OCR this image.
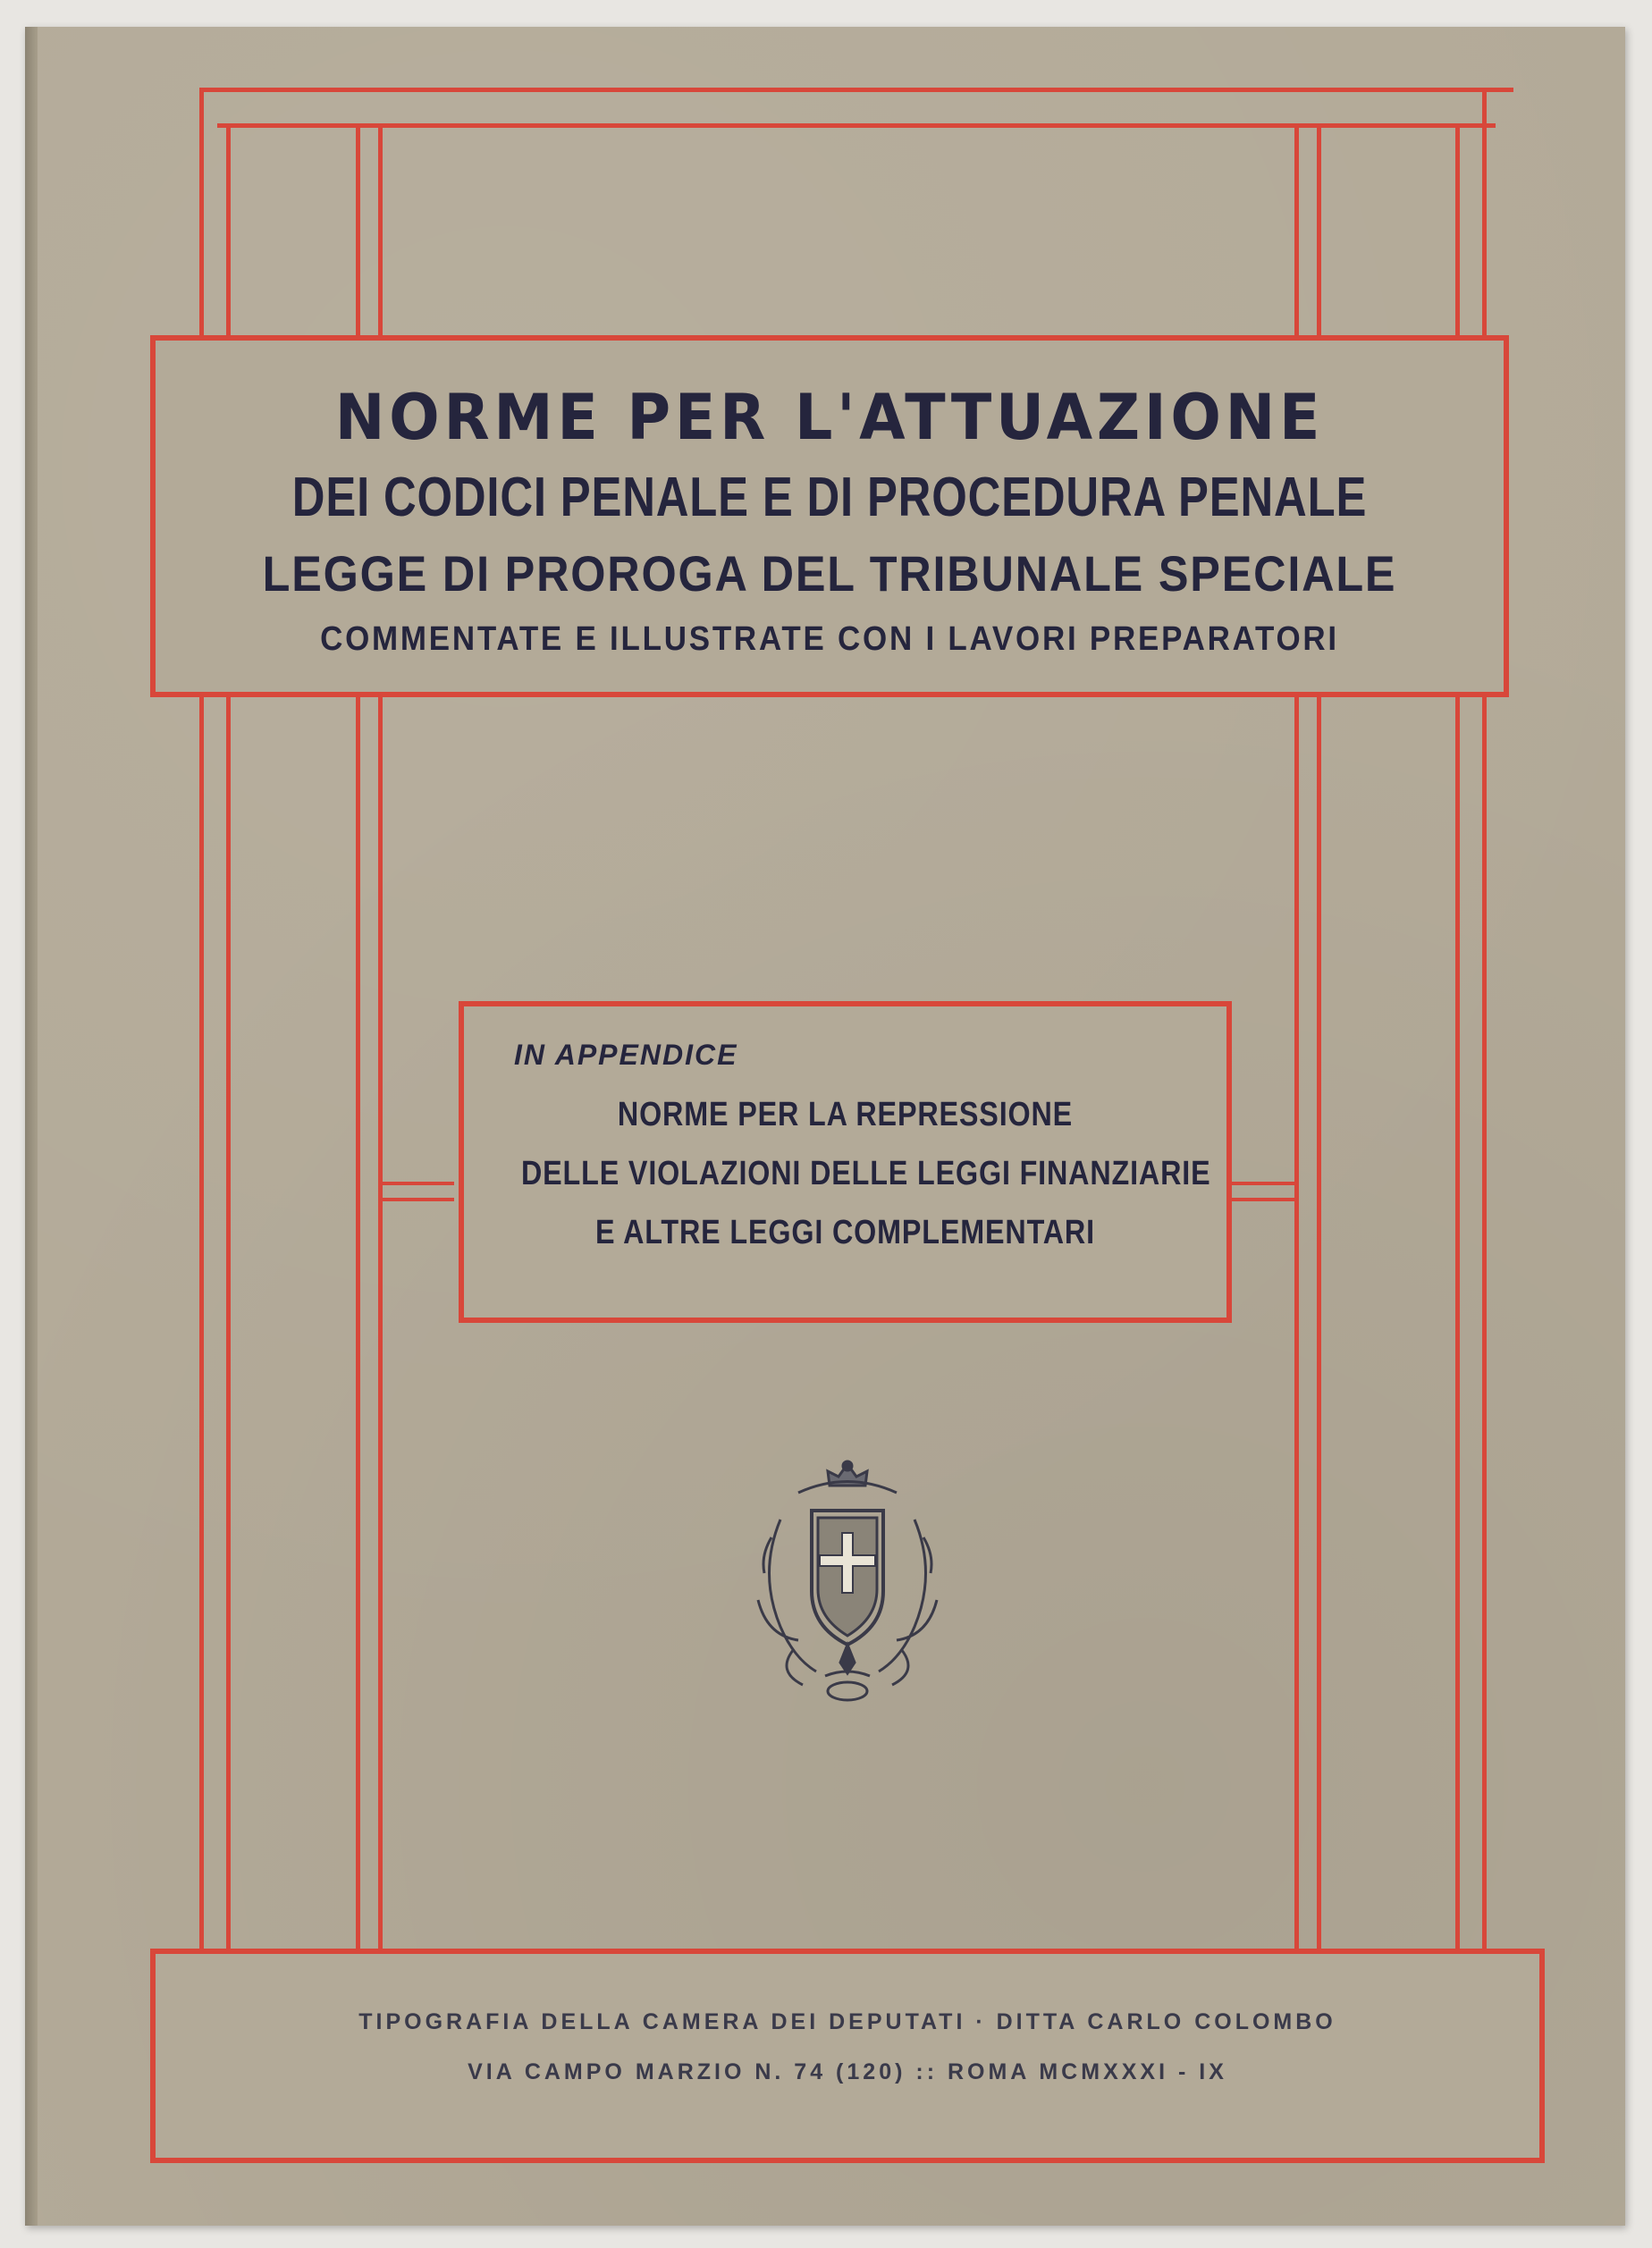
NORME PER L'ATTUAZIONE
DEI CODICI PENALE E DI PROCEDURA PENALE
LEGGE DI PROROGA DEL TRIBUNALE SPECIALE
COMMENTATE E ILLUSTRATE CON I LAVORI PREPARATORI
IN APPENDICE
NORME PER LA REPRESSIONE
DELLE VIOLAZIONI DELLE LEGGI FINANZIARIE
E ALTRE LEGGI COMPLEMENTARI
TIPOGRAFIA DELLA CAMERA DEI DEPUTATI · DITTA CARLO COLOMBO
VIA CAMPO MARZIO N. 74 (120) :: ROMA MCMXXXI - IX
